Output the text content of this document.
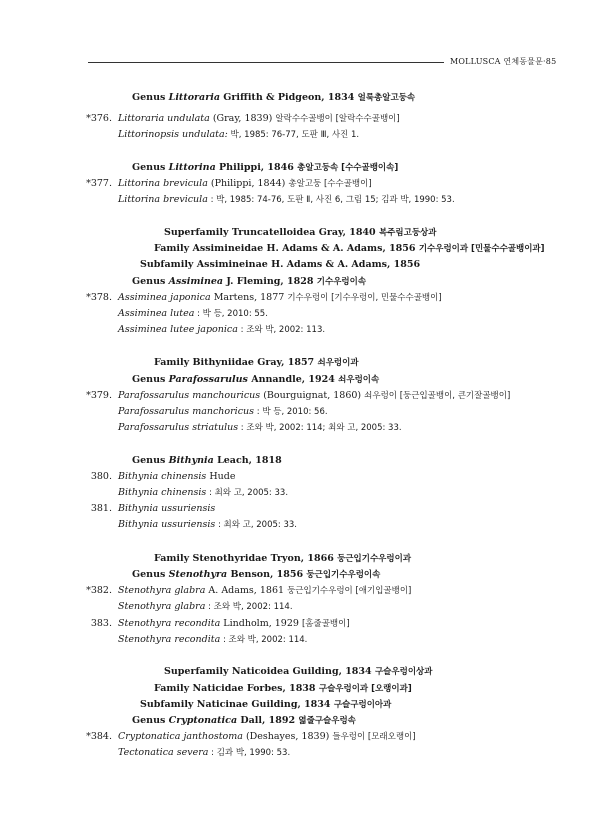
MOLLUSCA 연체동물문·85
Genus Littoraria Griffith & Pidgeon, 1834 얼룩총알고둥속
*376. Littoraria undulata (Gray, 1839) 알락수수골뱅이 [알락수수골뱅이]
Littorinopsis undulata: 박, 1985: 76-77, 도판 Ⅲ, 사진 1.
Genus Littorina Philippi, 1846 총알고둥속 [수수골뱅이속]
*377. Littorina brevicula (Philippi, 1844) 총알고둥 [수수골뱅이]
Littorina brevicula : 박, 1985: 74-76, 도판 Ⅱ, 사진 6, 그림 15; 김과 박, 1990: 53.
Superfamily Truncatelloidea Gray, 1840 복주림고둥상과
Family Assimineidae H. Adams & A. Adams, 1856 기수우렁이과 [민물수수골뱅이과]
Subfamily Assimineinae H. Adams & A. Adams, 1856
Genus Assiminea J. Fleming, 1828 기수우렁이속
*378. Assiminea japonica Martens, 1877 기수우렁이 [기수우렁이, 민물수수골뱅이]
Assiminea lutea : 박 등, 2010: 55.
Assiminea lutee japonica : 조와 박, 2002: 113.
Family Bithyniidae Gray, 1857 쇠우렁이과
Genus Parafossarulus Annandle, 1924 쇠우렁이속
*379. Parafossarulus manchouricus (Bourguignat, 1860) 쇠우렁이 [둥근입골뱅이, 큰기잘골뱅이]
Parafossarulus manchoricus : 박 등, 2010: 56.
Parafossarulus striatulus : 조와 박, 2002: 114; 최와 고, 2005: 33.
Genus Bithynia Leach, 1818
380. Bithynia chinensis Hude
Bithynia chinensis : 최와 고, 2005: 33.
381. Bithynia ussuriensis
Bithynia ussuriensis : 최와 고, 2005: 33.
Family Stenothyridae Tryon, 1866 둥근입기수우렁이과
Genus Stenothyra Benson, 1856 둥근입기수우렁이속
*382. Stenothyra glabra A. Adams, 1861 둥근입기수우렁이 [애기입골뱅이]
Stenothyra glabra : 조와 박, 2002: 114.
383. Stenothyra recondita Lindholm, 1929 [홈줄골뱅이]
Stenothyra recondita : 조와 박, 2002: 114.
Superfamily Naticoidea Guilding, 1834 구슬우렁이상과
Family Naticidae Forbes, 1838 구슬우렁이과 [오랭이과]
Subfamily Naticinae Guilding, 1834 구슬구렁이아과
Genus Cryptonatica Dall, 1892 엷줄구슬우렁속
*384. Cryptonatica janthostoma (Deshayes, 1839) 들우렁이 [모래오랭이]
Tectonatica severa : 김과 박, 1990: 53.
